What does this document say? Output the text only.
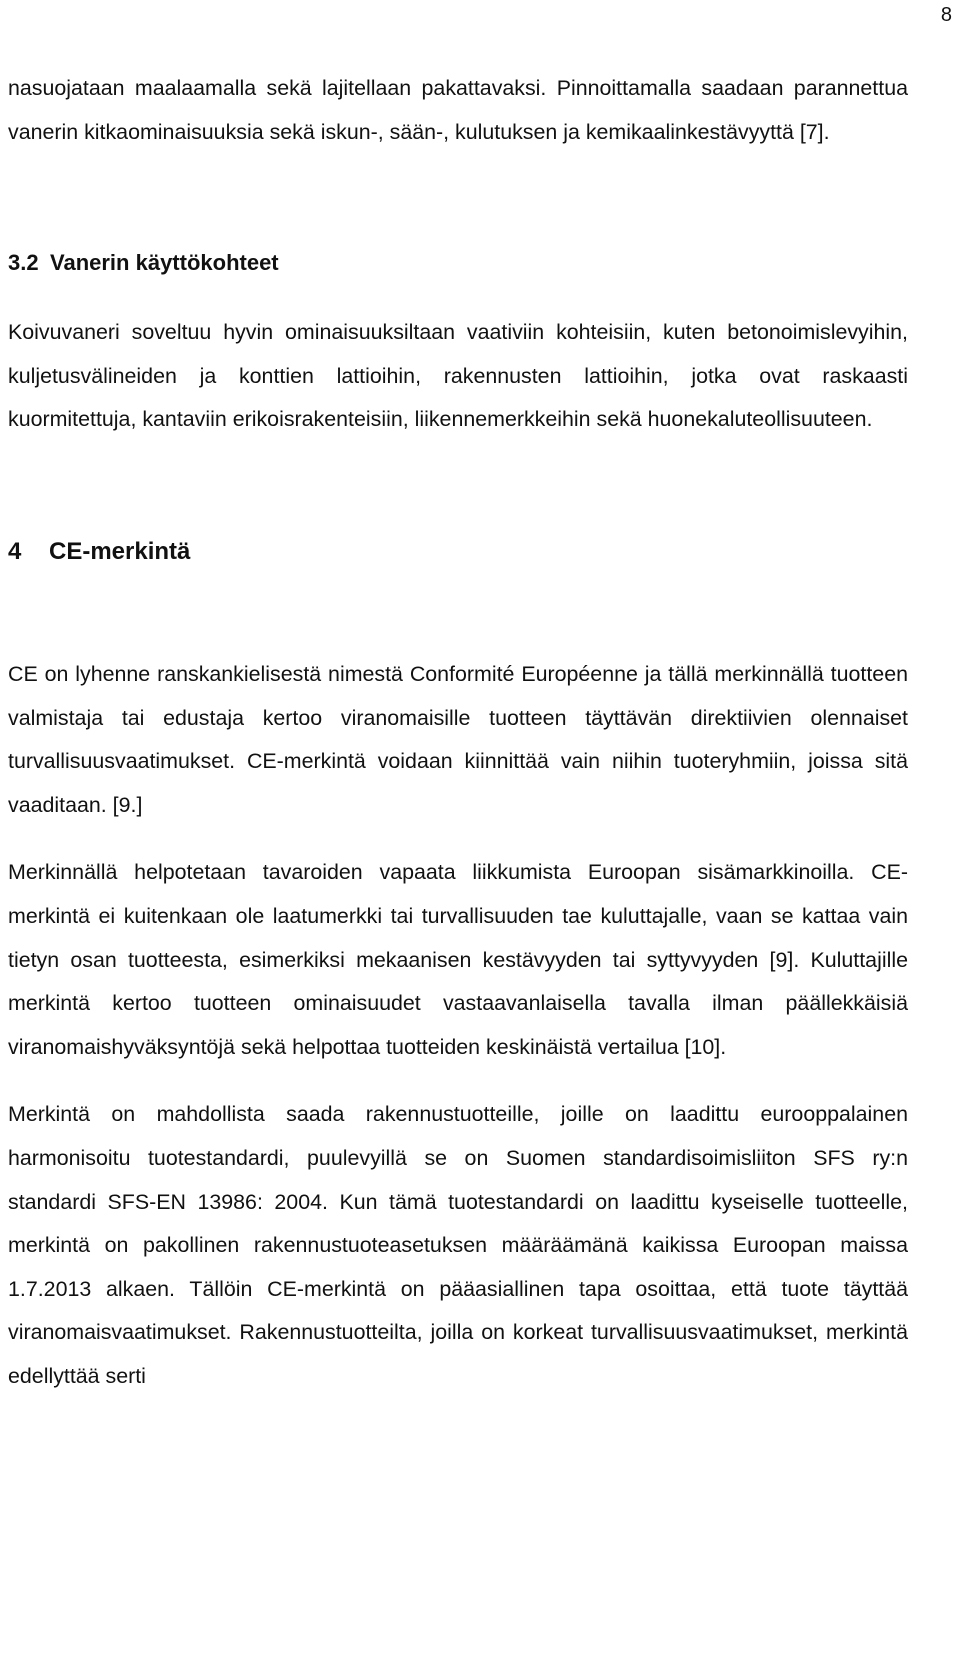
8

nasuojataan maalaamalla sekä lajitellaan pakattavaksi. Pinnoittamalla saadaan parannettua vanerin kitkaominaisuuksia sekä iskun-, sään-, kulutuksen ja kemikaalinkestävyyttä [7].

3.2 Vanerin käyttökohteet

Koivuvaneri soveltuu hyvin ominaisuuksiltaan vaativiin kohteisiin, kuten betonoimislevyihin, kuljetusvälineiden ja konttien lattioihin, rakennusten lattioihin, jotka ovat raskaasti kuormitettuja, kantaviin erikoisrakenteisiin, liikennemerkkeihin sekä huonekaluteollisuuteen.

4 CE-merkintä

CE on lyhenne ranskankielisestä nimestä Conformité Européenne ja tällä merkinnällä tuotteen valmistaja tai edustaja kertoo viranomaisille tuotteen täyttävän direktiivien olennaiset turvallisuusvaatimukset. CE-merkintä voidaan kiinnittää vain niihin tuoteryhmiin, joissa sitä vaaditaan. [9.]

Merkinnällä helpotetaan tavaroiden vapaata liikkumista Euroopan sisämarkkinoilla. CE-merkintä ei kuitenkaan ole laatumerkki tai turvallisuuden tae kuluttajalle, vaan se kattaa vain tietyn osan tuotteesta, esimerkiksi mekaanisen kestävyyden tai syttyvyyden [9]. Kuluttajille merkintä kertoo tuotteen ominaisuudet vastaavanlaisella tavalla ilman päällekkäisiä viranomaishyväksyntöjä sekä helpottaa tuotteiden keskinäistä vertailua [10].

Merkintä on mahdollista saada rakennustuotteille, joille on laadittu eurooppalainen harmonisoitu tuotestandardi, puulevyillä se on Suomen standardisoimisliiton SFS ry:n standardi SFS-EN 13986: 2004. Kun tämä tuotestandardi on laadittu kyseiselle tuotteelle, merkintä on pakollinen rakennustuoteasetuksen määräämänä kaikissa Euroopan maissa 1.7.2013 alkaen. Tällöin CE-merkintä on pääasiallinen tapa osoittaa, että tuote täyttää viranomaisvaatimukset. Rakennustuotteilta, joilla on korkeat turvallisuusvaatimukset, merkintä edellyttää serti
